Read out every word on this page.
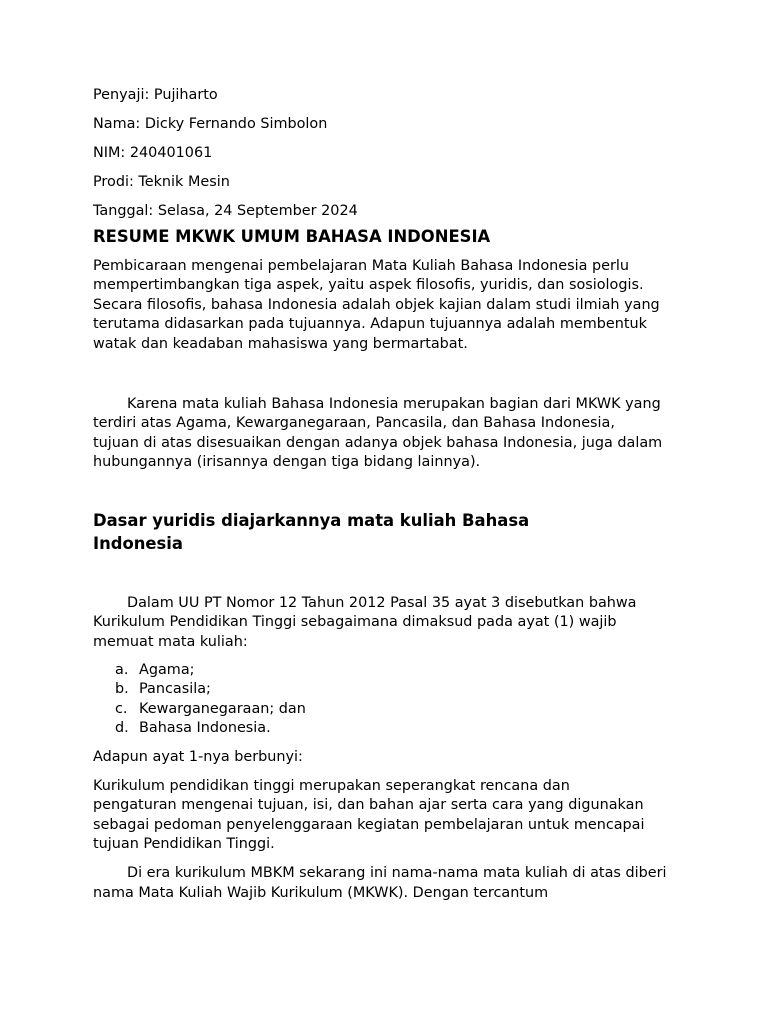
Penyaji: Pujiharto

Nama: Dicky Fernando Simbolon

NIM: 240401061

Prodi: Teknik Mesin

Tanggal: Selasa, 24 September 2024

RESUME MKWK UMUM BAHASA INDONESIA

Pembicaraan mengenai pembelajaran Mata Kuliah Bahasa Indonesia perlu mempertimbangkan tiga aspek, yaitu aspek filosofis, yuridis, dan sosiologis. Secara filosofis, bahasa Indonesia adalah objek kajian dalam studi ilmiah yang terutama didasarkan pada tujuannya. Adapun tujuannya adalah membentuk watak dan keadaban mahasiswa yang bermartabat.

Karena mata kuliah Bahasa Indonesia merupakan bagian dari MKWK yang terdiri atas Agama, Kewarganegaraan, Pancasila, dan Bahasa Indonesia, tujuan di atas disesuaikan dengan adanya objek bahasa Indonesia, juga dalam hubungannya (irisannya dengan tiga bidang lainnya).

Dasar yuridis diajarkannya mata kuliah Bahasa Indonesia

Dalam UU PT Nomor 12 Tahun 2012 Pasal 35 ayat 3 disebutkan bahwa Kurikulum Pendidikan Tinggi sebagaimana dimaksud pada ayat (1) wajib memuat mata kuliah:

a. Agama;
b. Pancasila;
c. Kewarganegaraan; dan
d. Bahasa Indonesia.

Adapun ayat 1-nya berbunyi:

Kurikulum pendidikan tinggi merupakan seperangkat rencana dan pengaturan mengenai tujuan, isi, dan bahan ajar serta cara yang digunakan sebagai pedoman penyelenggaraan kegiatan pembelajaran untuk mencapai tujuan Pendidikan Tinggi.

Di era kurikulum MBKM sekarang ini nama-nama mata kuliah di atas diberi nama Mata Kuliah Wajib Kurikulum (MKWK). Dengan tercantum
